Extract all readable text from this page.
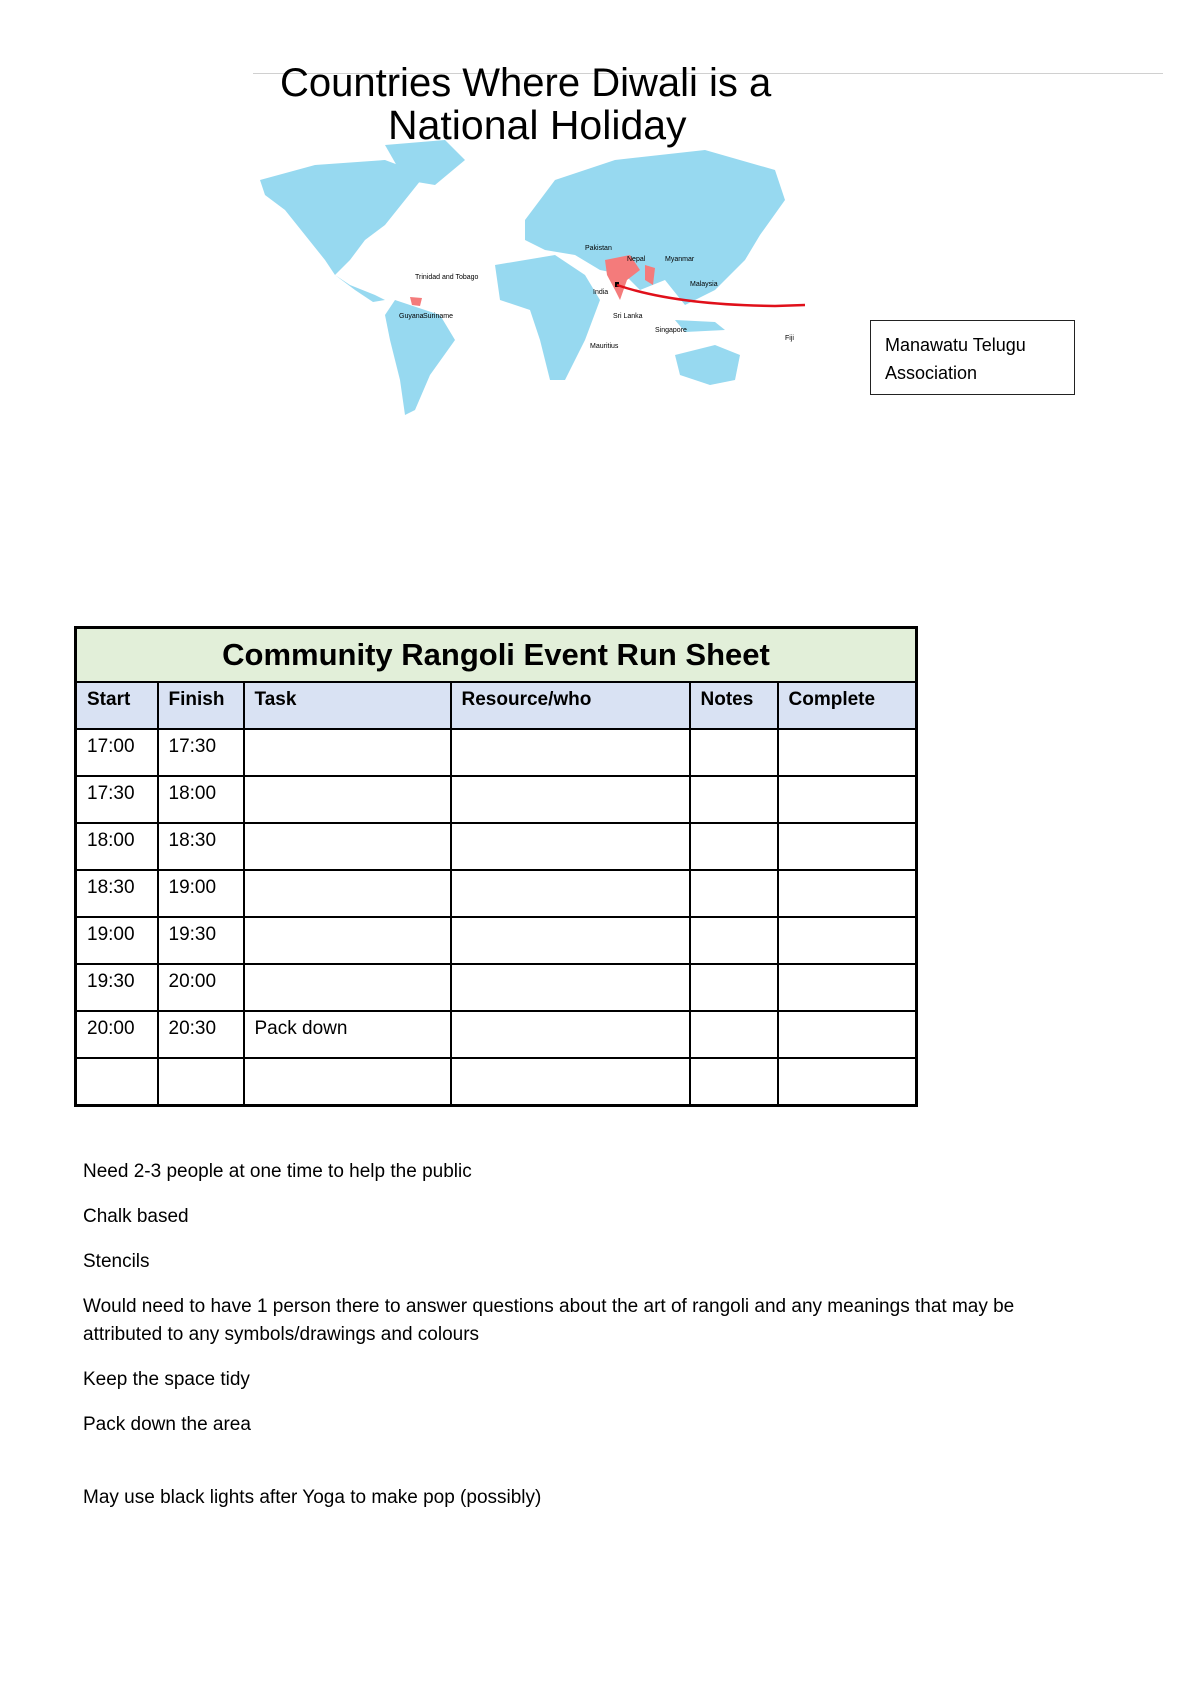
Countries Where Diwali is a
National Holiday
Pakistan
Nepal	Myanmar
Trinidad and Tobago
India
Malaysia
Guyana Suriname	Sri Lanka
Singapore
Mauritius
Fiji	Manawatu Telugu Association
Community Rangoli Event Run Sheet					
Start	Finish	Task	Resource/who	Notes	Complete
17:00	17:30				
17:30	18:00				
18:00	18:30				
18:30	19:00				
19:00	19:30				
19:30	20:00				
20:00	20:30	Pack down			

Need 2-3 people at one time to help the public

Chalk based

Stencils

Would need to have 1 person there to answer questions about the art of rangoli and any meanings that may be attributed to any symbols/drawings and colours

Keep the space tidy

Pack down the area

May use black lights after Yoga to make pop (possibly)
